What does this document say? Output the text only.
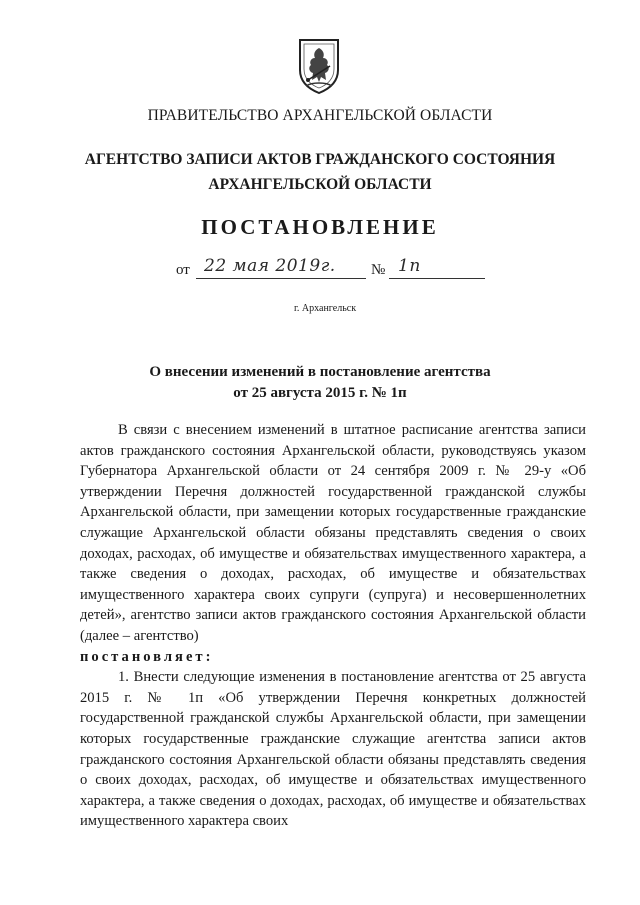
ПРАВИТЕЛЬСТВО АРХАНГЕЛЬСКОЙ ОБЛАСТИ
АГЕНТСТВО ЗАПИСИ АКТОВ ГРАЖДАНСКОГО СОСТОЯНИЯ
АРХАНГЕЛЬСКОЙ ОБЛАСТИ
ПОСТАНОВЛЕНИЕ
от 22 мая 2019г. № 1п
г. Архангельск
О внесении изменений в постановление агентства
от 25 августа 2015 г. № 1п

В связи с внесением изменений в штатное расписание агентства записи актов гражданского состояния Архангельской области, руководствуясь указом Губернатора Архангельской области от 24 сентября 2009 г. № 29-у «Об утверждении Перечня должностей государственной гражданской службы Архангельской области, при замещении которых государственные гражданские служащие Архангельской области обязаны представлять сведения о своих доходах, расходах, об имуществе и обязательствах имущественного характера, а также сведения о доходах, расходах, об имуществе и обязательствах имущественного характера своих супруги (супруга) и несовершеннолетних детей», агентство записи актов гражданского состояния Архангельской области (далее – агентство)

постановляет:

1. Внести следующие изменения в постановление агентства от 25 августа 2015 г. № 1п «Об утверждении Перечня конкретных должностей государственной гражданской службы Архангельской области, при замещении которых государственные гражданские служащие агентства записи актов гражданского состояния Архангельской области обязаны представлять сведения о своих доходах, расходах, об имуществе и обязательствах имущественного характера, а также сведения о доходах, расходах, об имуществе и обязательствах имущественного характера своих
